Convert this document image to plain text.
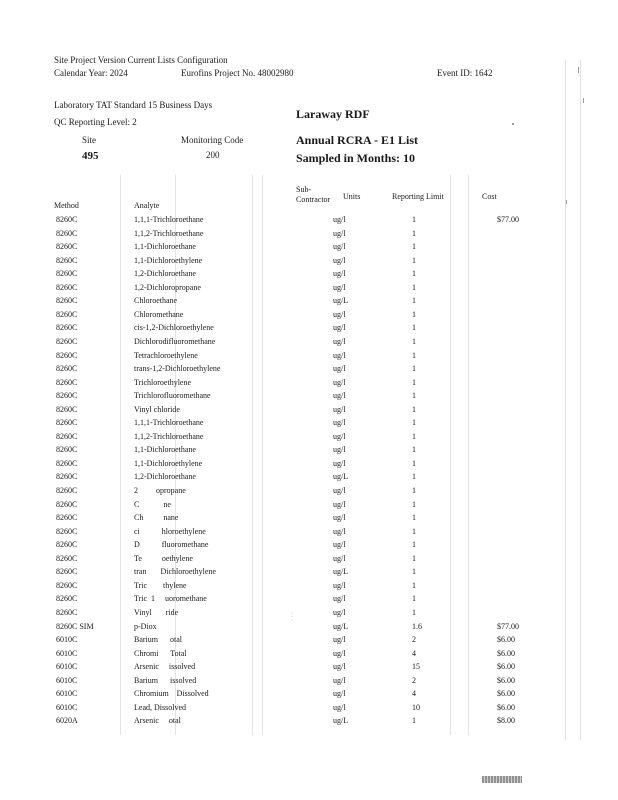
Site Project Version Current Lists Configuration
Calendar Year: 2024	Eurofins Project No. 48002980	Event ID: 1642
Laboratory TAT Standard 15 Business Days
QC Reporting Level: 2
Site
495
Monitoring Code
200
Laraway RDF
Annual RCRA - E1 List
Sampled in Months: 10
Method	Analyte
Sub-
Contractor Units	Reporting Limit	Cost
8260C	1,1,1-Trichloroethane	ug/l	1	$77.00
8260C	1,1,2-Trichloroethane	ug/l	1
8260C	1,1-Dichloroethane	ug/l	1
8260C	1,1-Dichloroethylene	ug/l	1
8260C	1,2-Dichloroethane	ug/l	1
8260C	1,2-Dichloropropane	ug/l	1
8260C	Chloroethane	ug/L	1
8260C	Chloromethane	ug/l	1
8260C	cis-1,2-Dichloroethylene	ug/l	1
8260C	Dichlorodifluoromethane	ug/l	1
8260C	Tetrachloroethylene	ug/l	1
8260C	trans-1,2-Dichloroethylene	ug/l	1
8260C	Trichloroethylene	ug/l	1
8260C	Trichlorofluoromethane	ug/l	1
8260C	Vinyl chloride	ug/l	1
8260C	1,1,1-Trichloroethane	ug/l	1
8260C	1,1,2-Trichloroethane	ug/l	1
8260C	1,1-Dichloroethane	ug/l	1
8260C	1,1-Dichloroethylene	ug/l	1
8260C	1,2-Dichloroethane	ug/L	1
8260C	2         opropane	ug/l	1
8260C	C            ne	ug/l	1
8260C	Ch          nane	ug/l	1
8260C	ci           hloroethylene	ug/l	1
8260C	D           fluoromethane	ug/l	1
8260C	Te          oethylene	ug/l	1
8260C	tran       Dichloroethylene	ug/L	1
8260C	Tric        thylene	ug/l	1
8260C	Tric  1     uoromethane	ug/l	1
8260C	Vinyl       ride	ug/l	1
8260C SIM	p-Diox	ug/L	1.6	$77.00
6010C	Barium      otal	ug/l	2	$6.00
6010C	Chromi      Total	ug/l	4	$6.00
6010C	Arsenic     issolved	ug/l	15	$6.00
6010C	Barium      issolved	ug/l	2	$6.00
6010C	Chromium    Dissolved	ug/l	4	$6.00
6010C	Lead, Dissolved	ug/l	10	$6.00
6020A	Arsenic     otal	ug/L	1	$8.00
· · ·
